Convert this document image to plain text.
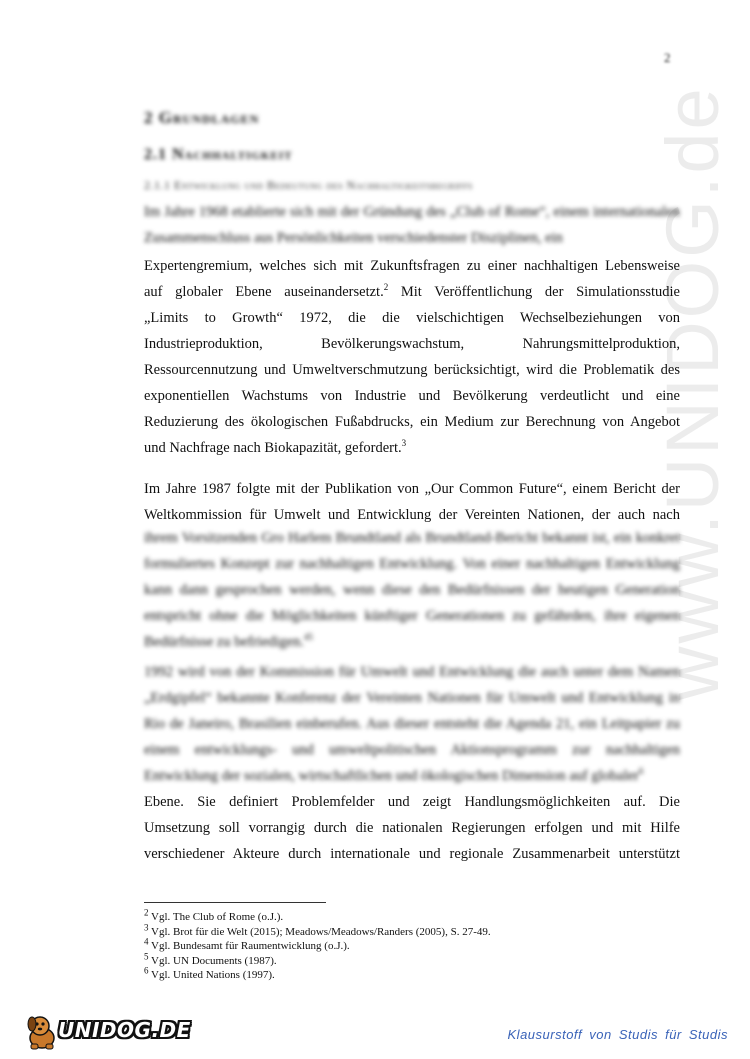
2
www.UNIDOG.de
2 Grundlagen
2.1 Nachhaltigkeit
2.1.1 Entwicklung und Bedeutung des Nachhaltigkeitsbegriffs
Im Jahre 1968 etablierte sich mit der Gründung des „Club of Rome“, einem internationalen Zusammenschluss aus Persönlichkeiten verschiedenster Disziplinen, ein
Expertengremium, welches sich mit Zukunftsfragen zu einer nachhaltigen Lebensweise
auf globaler Ebene auseinandersetzt.$^2$ Mit Veröffentlichung der Simulationsstudie
„Limits to Growth“ 1972, die die vielschichtigen Wechselbeziehungen von
Industrieproduktion, Bevölkerungswachstum, Nahrungsmittelproduktion,
Ressourcennutzung und Umweltverschmutzung berücksichtigt, wird die Problematik des
exponentiellen Wachstums von Industrie und Bevölkerung verdeutlicht und eine
Reduzierung des ökologischen Fußabdrucks, ein Medium zur Berechnung von Angebot
und Nachfrage nach Biokapazität, gefordert.$^3$
Im Jahre 1987 folgte mit der Publikation von „Our Common Future“, einem Bericht der
Weltkommission für Umwelt und Entwicklung der Vereinten Nationen, der auch nach
ihrem Vorsitzenden Gro Harlem Brundtland als Brundtland-Bericht bekannt ist, ein konkret formuliertes Konzept zur nachhaltigen Entwicklung. Von einer nachhaltigen Entwicklung kann dann gesprochen werden, wenn diese den Bedürfnissen der heutigen Generation entspricht ohne die Möglichkeiten künftiger Generationen zu gefährden, ihre eigenen Bedürfnisse zu befriedigen.$^{45}$
1992 wird von der Kommission für Umwelt und Entwicklung die auch unter dem Namen „Erdgipfel“ bekannte Konferenz der Vereinten Nationen für Umwelt und Entwicklung in Rio de Janeiro, Brasilien einberufen. Aus dieser entsteht die Agenda 21, ein Leitpapier zu einem entwicklungs- und umweltpolitischen Aktionsprogramm zur nachhaltigen Entwicklung der sozialen, wirtschaftlichen und ökologischen Dimension auf globaler$^6$
Ebene. Sie definiert Problemfelder und zeigt Handlungsmöglichkeiten auf. Die
Umsetzung soll vorrangig durch die nationalen Regierungen erfolgen und mit Hilfe
verschiedener Akteure durch internationale und regionale Zusammenarbeit unterstützt
$^2$ Vgl. The Club of Rome (o.J.).
$^3$ Vgl. Brot für die Welt (2015); Meadows/Meadows/Randers (2005), S. 27-49.
$^4$ Vgl. Bundesamt für Raumentwicklung (o.J.).
$^5$ Vgl. UN Documents (1987).
$^6$ Vgl. United Nations (1997).
UNIDOG.DE	Klausurstoff von Studis für Studis
